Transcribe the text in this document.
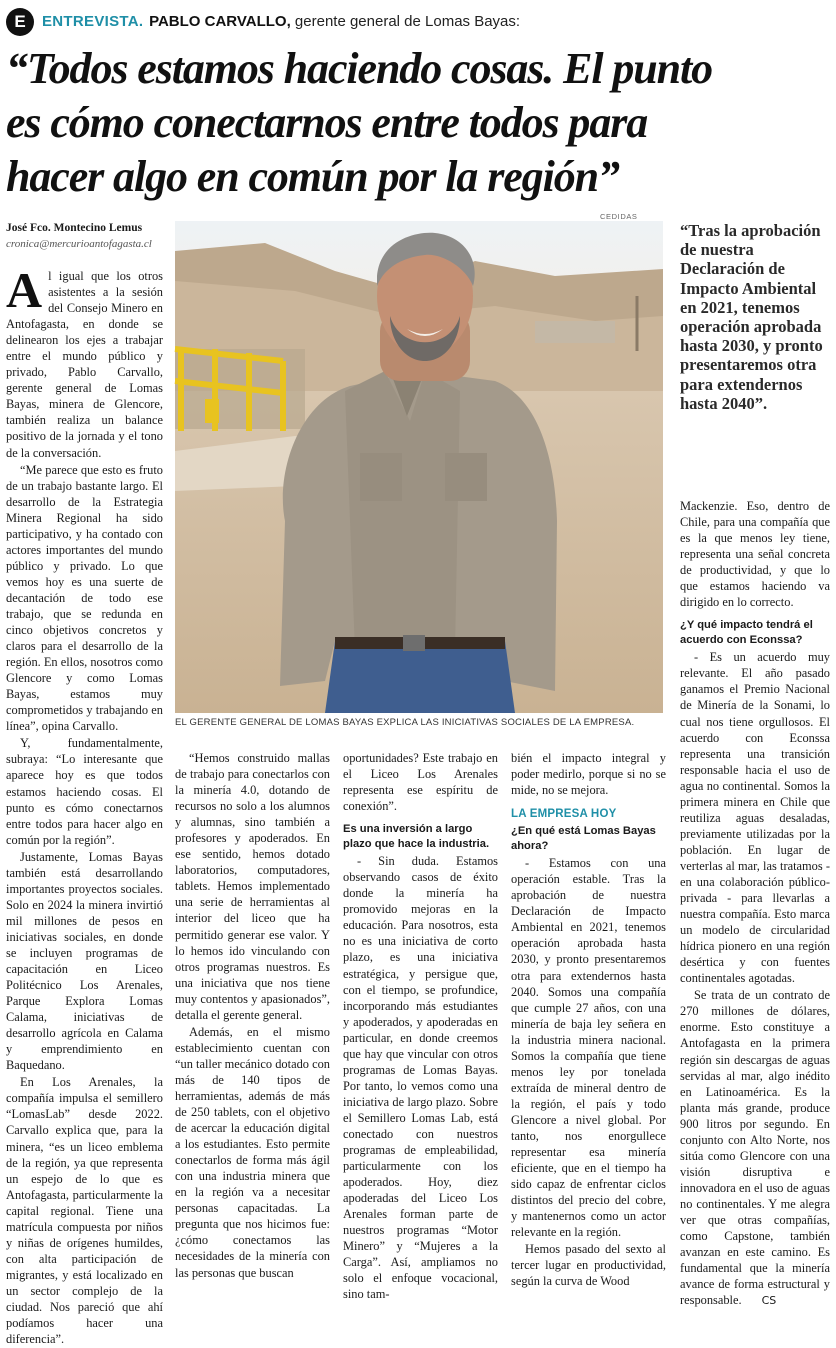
E	ENTREVISTA. PABLO CARVALLO, gerente general de Lomas Bayas:
“Todos estamos haciendo cosas. El punto
es cómo conectarnos entre todos para
hacer algo en común por la región”
José Fco. Montecino Lemus
cronica@mercurioantofagasta.cl

Al igual que los otros asistentes a la sesión del Consejo Minero en Antofagasta, en donde se delinearon los ejes a trabajar entre el mundo público y privado, Pablo Carvallo, gerente general de Lomas Bayas, minera de Glencore, también realiza un balance positivo de la jornada y el tono de la conversación.

“Me parece que esto es fruto de un trabajo bastante largo. El desarrollo de la Estrategia Minera Regional ha sido participativo, y ha contado con actores importantes del mundo público y privado. Lo que vemos hoy es una suerte de decantación de todo ese trabajo, que se redunda en cinco objetivos concretos y claros para el desarrollo de la región. En ellos, nosotros como Glencore y como Lomas Bayas, estamos muy comprometidos y trabajando en línea”, opina Carvallo.

Y, fundamentalmente, subraya: “Lo interesante que aparece hoy es que todos estamos haciendo cosas. El punto es cómo conectarnos entre todos para hacer algo en común por la región”.

Justamente, Lomas Bayas también está desarrollando importantes proyectos sociales. Solo en 2024 la minera invirtió mil millones de pesos en iniciativas sociales, en donde se incluyen programas de capacitación en Liceo Politécnico Los Arenales, Parque Explora Lomas Calama, iniciativas de desarrollo agrícola en Calama y emprendimiento en Baquedano.

En Los Arenales, la compañía impulsa el semillero “LomasLab” desde 2022. Carvallo explica que, para la minera, “es un liceo emblema de la región, ya que representa un espejo de lo que es Antofagasta, particularmente la capital regional. Tiene una matrícula compuesta por niños y niñas de orígenes humildes, con alta participación de migrantes, y está localizado en un sector complejo de la ciudad. Nos pareció que ahí podíamos hacer una diferencia”.

CEDIDAS
EL GERENTE GENERAL DE LOMAS BAYAS EXPLICA LAS INICIATIVAS SOCIALES DE LA EMPRESA.
“Tras la aprobación de nuestra Declaración de Impacto Ambiental en 2021, tenemos operación aprobada hasta 2030, y pronto presentaremos otra para extendernos hasta 2040”.

“Hemos construido mallas de trabajo para conectarlos con la minería 4.0, dotando de recursos no solo a los alumnos y alumnas, sino también a profesores y apoderados. En ese sentido, hemos dotado laboratorios, computadores, tablets. Hemos implementado una serie de herramientas al interior del liceo que ha permitido generar ese valor. Y lo hemos ido vinculando con otros programas nuestros. Es una iniciativa que nos tiene muy contentos y apasionados”, detalla el gerente general.

Además, en el mismo establecimiento cuentan con “un taller mecánico dotado con más de 140 tipos de herramientas, además de más de 250 tablets, con el objetivo de acercar la educación digital a los estudiantes. Esto permite conectarlos de forma más ágil con una industria minera que en la región va a necesitar personas capacitadas. La pregunta que nos hicimos fue: ¿cómo conectamos las necesidades de la minería con las personas que buscan

oportunidades? Este trabajo en el Liceo Los Arenales representa ese espíritu de conexión”.

Es una inversión a largo plazo que hace la industria.

- Sin duda. Estamos observando casos de éxito donde la minería ha promovido mejoras en la educación. Para nosotros, esta no es una iniciativa de corto plazo, es una iniciativa estratégica, y persigue que, con el tiempo, se profundice, incorporando más estudiantes y apoderados, y apoderadas en particular, en donde creemos que hay que vincular con otros programas de Lomas Bayas. Por tanto, lo vemos como una iniciativa de largo plazo. Sobre el Semillero Lomas Lab, está conectado con nuestros programas de empleabilidad, particularmente con los apoderados. Hoy, diez apoderadas del Liceo Los Arenales forman parte de nuestros programas “Motor Minero” y “Mujeres a la Carga”. Así, ampliamos no solo el enfoque vocacional, sino tam-

bién el impacto integral y poder medirlo, porque si no se mide, no se mejora.

LA EMPRESA HOY

¿En qué está Lomas Bayas ahora?

- Estamos con una operación estable. Tras la aprobación de nuestra Declaración de Impacto Ambiental en 2021, tenemos operación aprobada hasta 2030, y pronto presentaremos otra para extendernos hasta 2040. Somos una compañía que cumple 27 años, con una minería de baja ley señera en la industria minera nacional. Somos la compañía que tiene menos ley por tonelada extraída de mineral dentro de la región, el país y todo Glencore a nivel global. Por tanto, nos enorgullece representar esa minería eficiente, que en el tiempo ha sido capaz de enfrentar ciclos distintos del precio del cobre, y mantenernos como un actor relevante en la región.

Hemos pasado del sexto al tercer lugar en productividad, según la curva de Wood

Mackenzie. Eso, dentro de Chile, para una compañía que es la que menos ley tiene, representa una señal concreta de productividad, y que lo que estamos haciendo va dirigido en lo correcto.

¿Y qué impacto tendrá el acuerdo con Econssa?

- Es un acuerdo muy relevante. El año pasado ganamos el Premio Nacional de Minería de la Sonami, lo cual nos tiene orgullosos. El acuerdo con Econssa representa una transición responsable hacia el uso de agua no continental. Somos la primera minera en Chile que reutiliza aguas desaladas, previamente utilizadas por la población. En lugar de verterlas al mar, las tratamos - en una colaboración público-privada - para llevarlas a nuestra compañía. Esto marca un modelo de circularidad hídrica pionero en una región desértica y con fuentes continentales agotadas.

Se trata de un contrato de 270 millones de dólares, enorme. Esto constituye a Antofagasta en la primera región sin descargas de aguas servidas al mar, algo inédito en Latinoamérica. Es la planta más grande, produce 900 litros por segundo. En conjunto con Alto Norte, nos sitúa como Glencore con una visión disruptiva e innovadora en el uso de aguas no continentales. Y me alegra ver que otras compañías, como Capstone, también avanzan en este camino. Es fundamental que la minería avance de forma estructural y responsable. CS
